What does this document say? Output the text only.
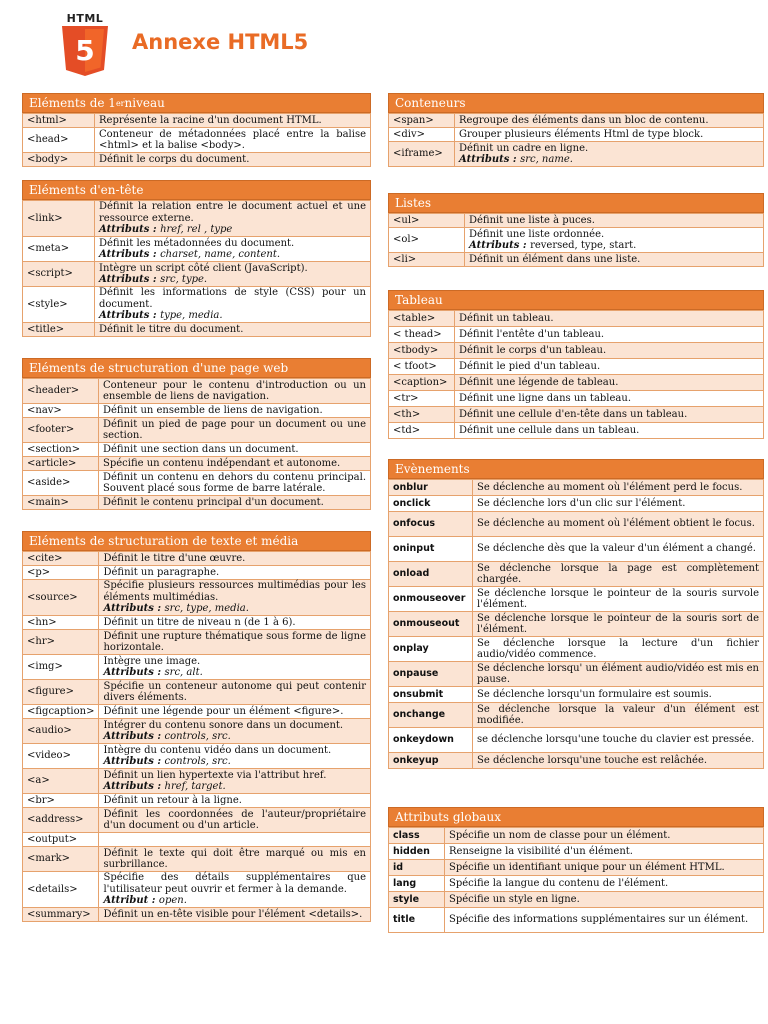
HTML
5 Annexe HTML5
Eléments de 1 er niveau
<html>	Représente la racine d'un document HTML.

<head>	Conteneur de métadonnées placé entre la balise <html> et la balise <body>.

<body>	Définit le corps du document.
Eléments d'en-tête
<link>	Définit la relation entre le document actuel et une ressource externe.
Attributs : href, rel , type

<meta>	Définit les métadonnées du document.
Attributs : charset, name, content.

<script>	Intègre un script côté client (JavaScript).
Attributs : src, type.

<style>	Définit les informations de style (CSS) pour un document.
Attributs : type, media.

<title>	Définit le titre du document.
Eléments de structuration d'une page web
<header>	Conteneur pour le contenu d'introduction ou un ensemble de liens de navigation.

<nav>	Définit un ensemble de liens de navigation.

<footer>	Définit un pied de page pour un document ou une section.

<section>	Définit une section dans un document.

<article>	Spécifie un contenu indépendant et autonome.

<aside>	Définit un contenu en dehors du contenu principal. Souvent placé sous forme de barre latérale.

<main>	Définit le contenu principal d'un document.
Eléments de structuration de texte et média
<cite>	Définit le titre d'une œuvre.

<p>	Définit un paragraphe.

<source>	Spécifie plusieurs ressources multimédias pour les éléments multimédias.
Attributs : src, type, media.

<hn>	Définit un titre de niveau n (de 1 à 6).

<hr>	Définit une rupture thématique sous forme de ligne horizontale.

<img>	Intègre une image.
Attributs : src, alt.

<figure>	Spécifie un conteneur autonome qui peut contenir divers éléments.

<figcaption>	Définit une légende pour un élément <figure>.

<audio>	Intégrer du contenu sonore dans un document.
Attributs : controls, src.

<video>	Intègre du contenu vidéo dans un document.
Attributs : controls, src.

<a>	Définit un lien hypertexte via l'attribut href.
Attributs : href, target.

<br>	Définit un retour à la ligne.

<address>	Définit les coordonnées de l'auteur/propriétaire d'un document ou d'un article.

<output>	

<mark>	Définit le texte qui doit être marqué ou mis en surbrillance.

<details>	Spécifie des détails supplémentaires que l'utilisateur peut ouvrir et fermer à la demande.
Attribut : open.

<summary>	Définit un en-tête visible pour l'élément <details>.
Conteneurs
<span>	Regroupe des éléments dans un bloc de contenu.

<div>	Grouper plusieurs éléments Html de type block.

<iframe>	Définit un cadre en ligne.
Attributs : src, name.
Listes
<ul>	Définit une liste à puces.

<ol>	Définit une liste ordonnée.
Attributs : reversed, type, start.

<li>	Définit un élément dans une liste.
Tableau
<table>	Définit un tableau.

< thead>	Définit l'entête d'un tableau.

<tbody>	Définit le corps d'un tableau.

< tfoot>	Définit le pied d'un tableau.

<caption>	Définit une légende de tableau.

<tr>	Définit une ligne dans un tableau.

<th>	Définit une cellule d'en-tête dans un tableau.

<td>	Définit une cellule dans un tableau.
Evènements
onblur	Se déclenche au moment où l'élément perd le focus.

onclick	Se déclenche lors d'un clic sur l'élément.

onfocus	Se déclenche au moment où l'élément obtient le focus.

oninput	Se déclenche dès que la valeur d'un élément a changé.

onload	Se déclenche lorsque la page est complètement chargée.

onmouseover	Se déclenche lorsque le pointeur de la souris survole l'élément.

onmouseout	Se déclenche lorsque le pointeur de la souris sort de l'élément.

onplay	Se déclenche lorsque la lecture d'un fichier audio/vidéo commence.

onpause	Se déclenche lorsqu' un élément audio/vidéo est mis en pause.

onsubmit	Se déclenche lorsqu'un formulaire est soumis.

onchange	Se déclenche lorsque la valeur d'un élément est modifiée.

onkeydown	se déclenche lorsqu'une touche du clavier est pressée.

onkeyup	Se déclenche lorsqu'une touche est relâchée.
Attributs globaux
class	Spécifie un nom de classe pour un élément.

hidden	Renseigne la visibilité d'un élément.

id	Spécifie un identifiant unique pour un élément HTML.

lang	Spécifie la langue du contenu de l'élément.

style	Spécifie un style en ligne.

title	Spécifie des informations supplémentaires sur un élément.
